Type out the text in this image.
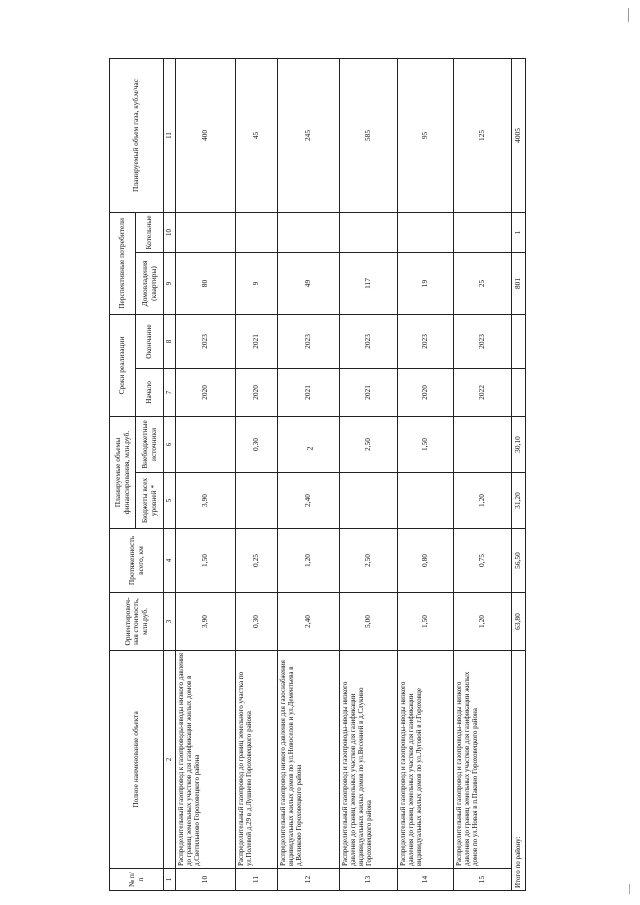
2
№ п/п	Полное наименование объекта	Ориентировоч-ная стоимость, млн.руб.	Протяженность всего, км	Планируемые объемы финансирования, млн.руб.		Сроки реализации		Перспективные потребители		Планируемый объем газа, куб.м/час
				Бюджеты всех уровней *	Внебюджетные источники	Начало	Окончание	Домовладения (квартиры)	Котельные	
1	2	3	4	5	6	7	8	9	10	11
10	Распределительный газопровод к газопроводы-вводы низкого давления до границ земельных участков для газификации жилых домов в д.Светильново Гороховецкого района	3,90	1,50	3,90		2020	2023	80		400
11	Распределительный газопровод до границ земельного участка по ул.Полевой д.29 в д.Лушнево Гороховецкого района	0,30	0,25		0,30	2020	2021	9		45
12	Распределительный газопровод низкого давления для газоснабжения индивидуальных жилых домов по ул.Новоселов и ул.Дементьева в д.Великово Гороховецкого района	2,40	1,20	2,40		2021	2023	49		245
13	Распределительный газопровод и газопроводы-вводы низкого давления до границ земельных участков для газификации индивидуальных жилых домов по ул.Весенней в д.Слукино Гороховецкого района	5,00	2,50		2,50	2021	2023	117		585
14	Распределительный газопровод и газопроводы-вводы низкого давления до границ земельных участков для газификации индивидуальных жилых домов по ул.Луговой в г.Гороховце	1,50	0,80		1,50	2020	2023	19		95
15	Распределительный газопровод и газопроводы-вводы низкого давления до границ земельных участков для газификации жилых домов по ул.Новая в п.Пакино Гороховецкого района	1,20	0,75	1,20		2022	2023	25		125
Итого по району:		63,80	56,50	31,20	30,10			801	1	4005
